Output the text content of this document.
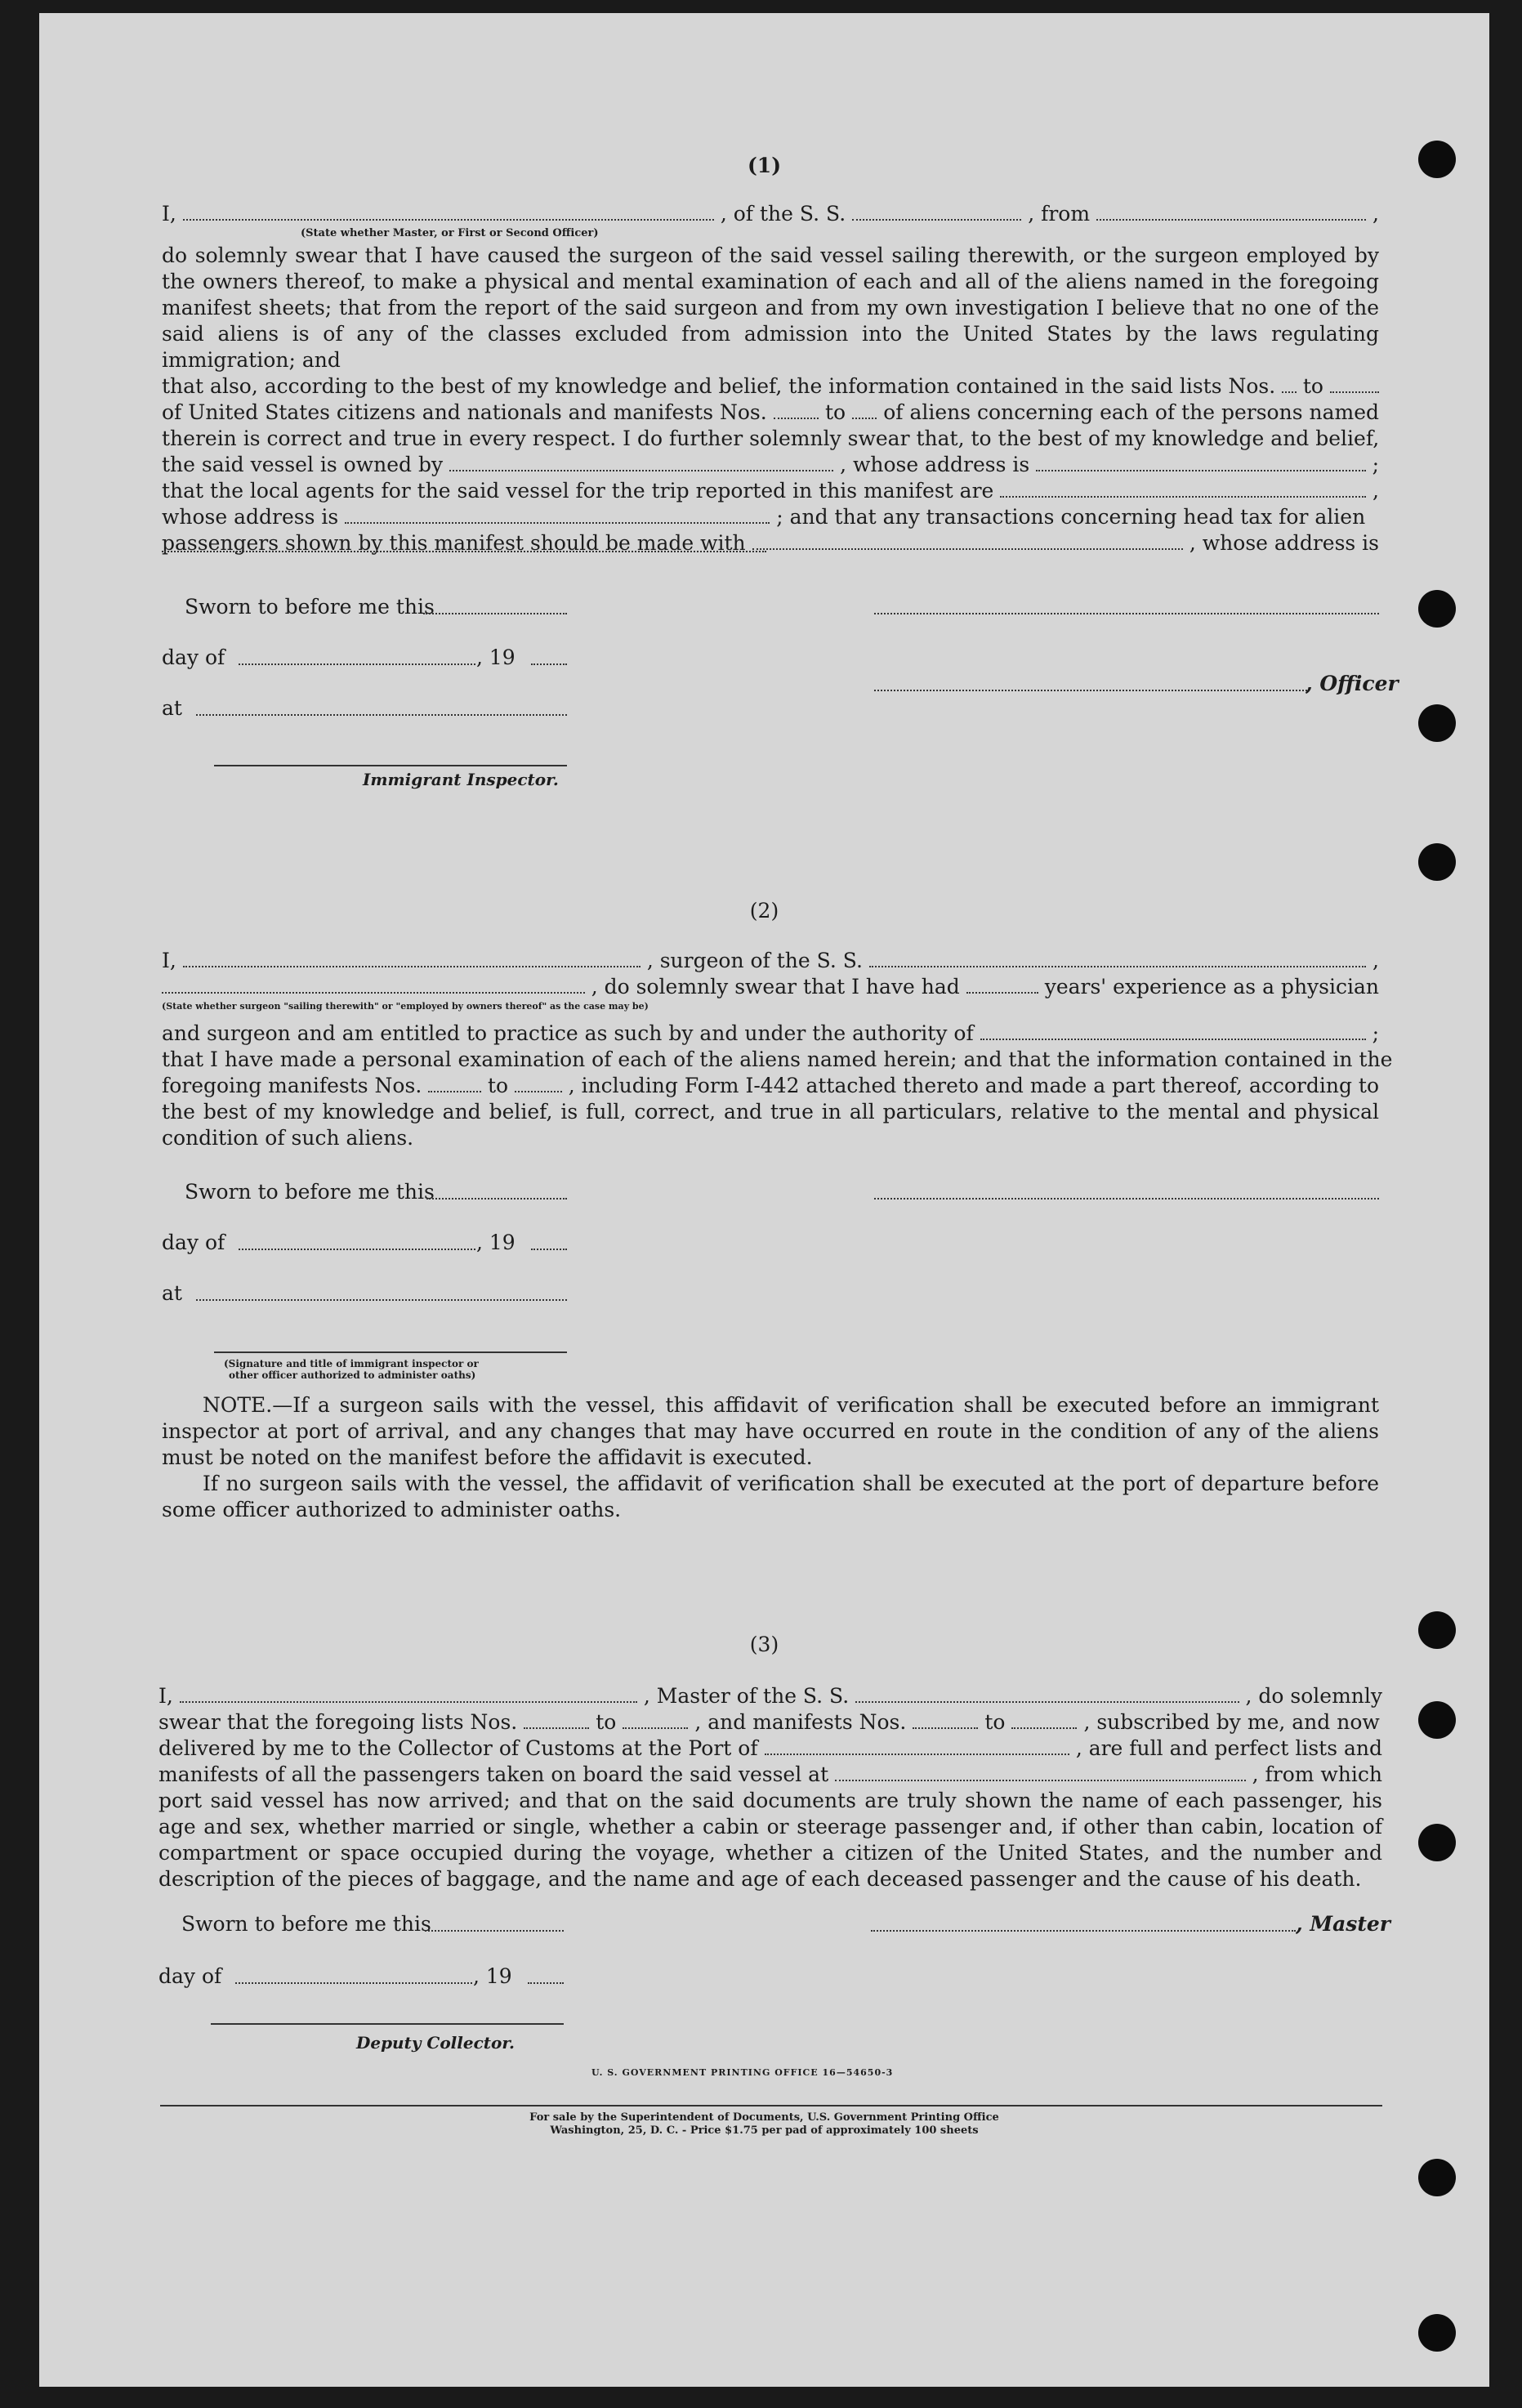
(1)
I,	, of the S. S.	, from	,
(State whether Master, or First or Second Officer)
do solemnly swear that I have caused the surgeon of the said vessel sailing therewith, or the surgeon employed by the owners thereof, to make a physical and mental examination of each and all of the aliens named in the foregoing manifest sheets; that from the report of the said surgeon and from my own investigation I believe that no one of the said aliens is of any of the classes excluded from admission into the United States by the laws regulating immigration; and
that also, according to the best of my knowledge and belief, the information contained in the said lists Nos. to
of United States citizens and nationals and manifests Nos.	to of aliens concerning each of the persons named
therein is correct and true in every respect. I do further solemnly swear that, to the best of my knowledge and belief,
the said vessel is owned by	, whose address is	;
that the local agents for the said vessel for the trip reported in this manifest are	,
whose address is	; and that any transactions concerning head tax for alien
passengers shown by this manifest should be made with	, whose address is
Sworn to before me this
day of	, 19
, Officer
at
Immigrant Inspector.
(2)
I,	, surgeon of the S. S.	,
, do solemnly swear that I have had	years' experience as a physician
(State whether surgeon "sailing therewith" or "employed by owners thereof" as the case may be)
and surgeon and am entitled to practice as such by and under the authority of	;
that I have made a personal examination of each of the aliens named herein; and that the information contained in the
foregoing manifests Nos.	to	, including Form I-442 attached thereto and made a part thereof, according to
the best of my knowledge and belief, is full, correct, and true in all particulars, relative to the mental and physical condition of such aliens.
Sworn to before me this
day of	, 19
at
(Signature and title of immigrant inspector or
other officer authorized to administer oaths)
NOTE.—If a surgeon sails with the vessel, this affidavit of verification shall be executed before an immigrant inspector at port of arrival, and any changes that may have occurred en route in the condition of any of the aliens must be noted on the manifest before the affidavit is executed.
If no surgeon sails with the vessel, the affidavit of verification shall be executed at the port of departure before some officer authorized to administer oaths.
(3)
I,	, Master of the S. S.	, do solemnly
swear that the foregoing lists Nos.	to	, and manifests Nos.	to	, subscribed by me, and now
delivered by me to the Collector of Customs at the Port of	, are full and perfect lists and
manifests of all the passengers taken on board the said vessel at	, from which
port said vessel has now arrived; and that on the said documents are truly shown the name of each passenger, his age and sex, whether married or single, whether a cabin or steerage passenger and, if other than cabin, location of compartment or space occupied during the voyage, whether a citizen of the United States, and the number and description of the pieces of baggage, and the name and age of each deceased passenger and the cause of his death.
Sworn to before me this	, Master
day of	, 19
Deputy Collector.
U. S. GOVERNMENT PRINTING OFFICE 16—54650-3
For sale by the Superintendent of Documents, U.S. Government Printing Office
Washington, 25, D. C. - Price $1.75 per pad of approximately 100 sheets
